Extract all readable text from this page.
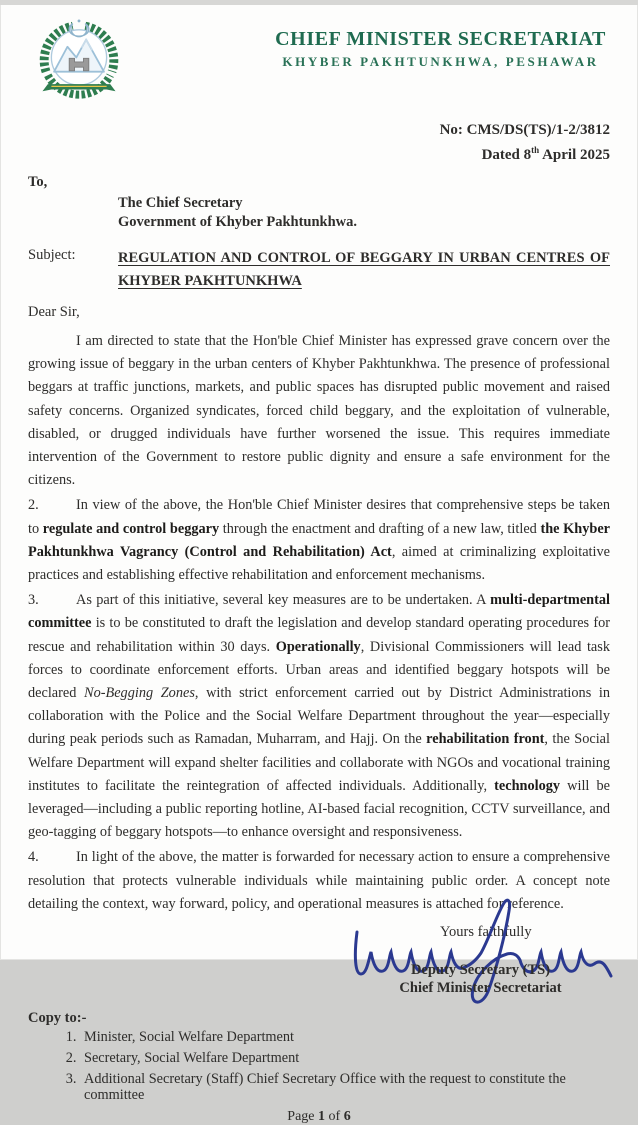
CHIEF MINISTER SECRETARIAT
KHYBER PAKHTUNKHWA, PESHAWAR
No: CMS/DS(TS)/1-2/3812
Dated 8th April 2025
To,
The Chief Secretary
Government of Khyber Pakhtunkhwa.
Subject:	REGULATION AND CONTROL OF BEGGARY IN URBAN CENTRES OF KHYBER PAKHTUNKHWA
Dear Sir,

I am directed to state that the Hon'ble Chief Minister has expressed grave concern over the growing issue of beggary in the urban centers of Khyber Pakhtunkhwa. The presence of professional beggars at traffic junctions, markets, and public spaces has disrupted public movement and raised safety concerns. Organized syndicates, forced child beggary, and the exploitation of vulnerable, disabled, or drugged individuals have further worsened the issue. This requires immediate intervention of the Government to restore public dignity and ensure a safe environment for the citizens.

2.	In view of the above, the Hon'ble Chief Minister desires that comprehensive steps be taken to regulate and control beggary through the enactment and drafting of a new law, titled the Khyber Pakhtunkhwa Vagrancy (Control and Rehabilitation) Act, aimed at criminalizing exploitative practices and establishing effective rehabilitation and enforcement mechanisms.

3.	As part of this initiative, several key measures are to be undertaken. A multi-departmental committee is to be constituted to draft the legislation and develop standard operating procedures for rescue and rehabilitation within 30 days. Operationally, Divisional Commissioners will lead task forces to coordinate enforcement efforts. Urban areas and identified beggary hotspots will be declared No-Begging Zones, with strict enforcement carried out by District Administrations in collaboration with the Police and the Social Welfare Department throughout the year—especially during peak periods such as Ramadan, Muharram, and Hajj. On the rehabilitation front, the Social Welfare Department will expand shelter facilities and collaborate with NGOs and vocational training institutes to facilitate the reintegration of affected individuals. Additionally, technology will be leveraged—including a public reporting hotline, AI-based facial recognition, CCTV surveillance, and geo-tagging of beggary hotspots—to enhance oversight and responsiveness.

4.	In light of the above, the matter is forwarded for necessary action to ensure a comprehensive resolution that protects vulnerable individuals while maintaining public order. A concept note detailing the context, way forward, policy, and operational measures is attached for reference.

Yours faithfully
Deputy Secretary (TS)
Chief Minister Secretariat
Copy to:-
1. Minister, Social Welfare Department
2. Secretary, Social Welfare Department
3. Additional Secretary (Staff) Chief Secretary Office with the request to constitute the committee
Page 1 of 6
